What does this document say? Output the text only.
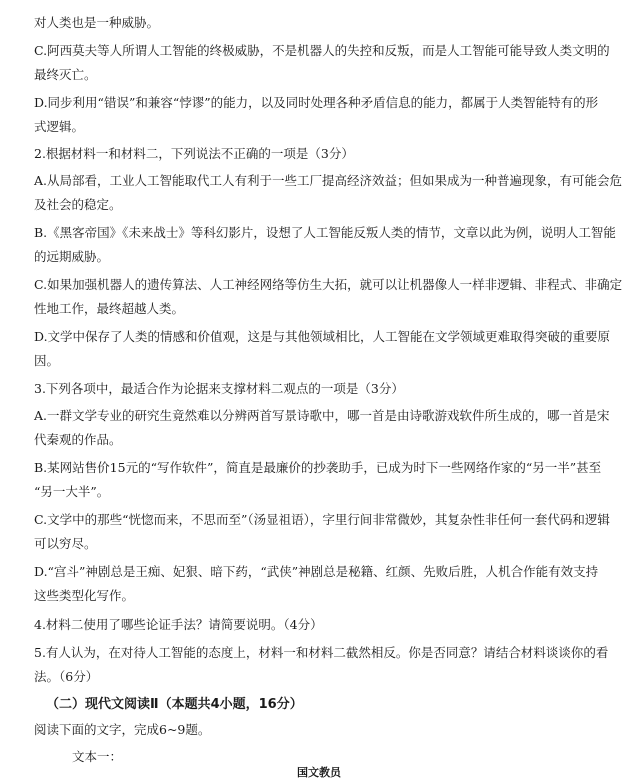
对人类也是一种威胁。
C.阿西莫夫等人所谓人工智能的终极威胁，不是机器人的失控和反叛，而是人工智能可能导致人类文明的
最终灭亡。
D.同步利用“错误”和兼容“悖谬”的能力，以及同时处理各种矛盾信息的能力，都属于人类智能特有的形
式逻辑。
2.根据材料一和材料二，下列说法不正确的一项是（3分）
A.从局部看，工业人工智能取代工人有利于一些工厂提高经济效益；但如果成为一种普遍现象，有可能会危
及社会的稳定。
B.《黑客帝国》《未来战士》等科幻影片，设想了人工智能反叛人类的情节，文章以此为例，说明人工智能
的远期威胁。
C.如果加强机器人的遗传算法、人工神经网络等仿生大拓，就可以让机器像人一样非逻辑、非程式、非确定
性地工作，最终超越人类。
D.文学中保存了人类的情感和价值观，这是与其他领域相比，人工智能在文学领域更难取得突破的重要原
因。
3.下列各项中，最适合作为论据来支撑材料二观点的一项是（3分）
A.一群文学专业的研究生竟然难以分辨两首写景诗歌中，哪一首是由诗歌游戏软件所生成的，哪一首是宋
代秦观的作品。
B.某网站售价15元的“写作软件”，简直是最廉价的抄袭助手，已成为时下一些网络作家的“另一半”甚至
“另一大半”。
C.文学中的那些“恍惚而来，不思而至”（汤显祖语），字里行间非常微妙，其复杂性非任何一套代码和逻辑
可以穷尽。
D.“宫斗”神剧总是王痴、妃狠、暗下药，“武侠”神剧总是秘籍、红颜、先败后胜，人机合作能有效支持
这些类型化写作。
4.材料二使用了哪些论证手法？请简要说明。（4分）
5.有人认为，在对待人工智能的态度上，材料一和材料二截然相反。你是否同意？请结合材料谈谈你的看
法。（6分）
（二）现代文阅读Ⅱ（本题共4小题，16分）
阅读下面的文字，完成6~9题。
文本一：
国文教员
